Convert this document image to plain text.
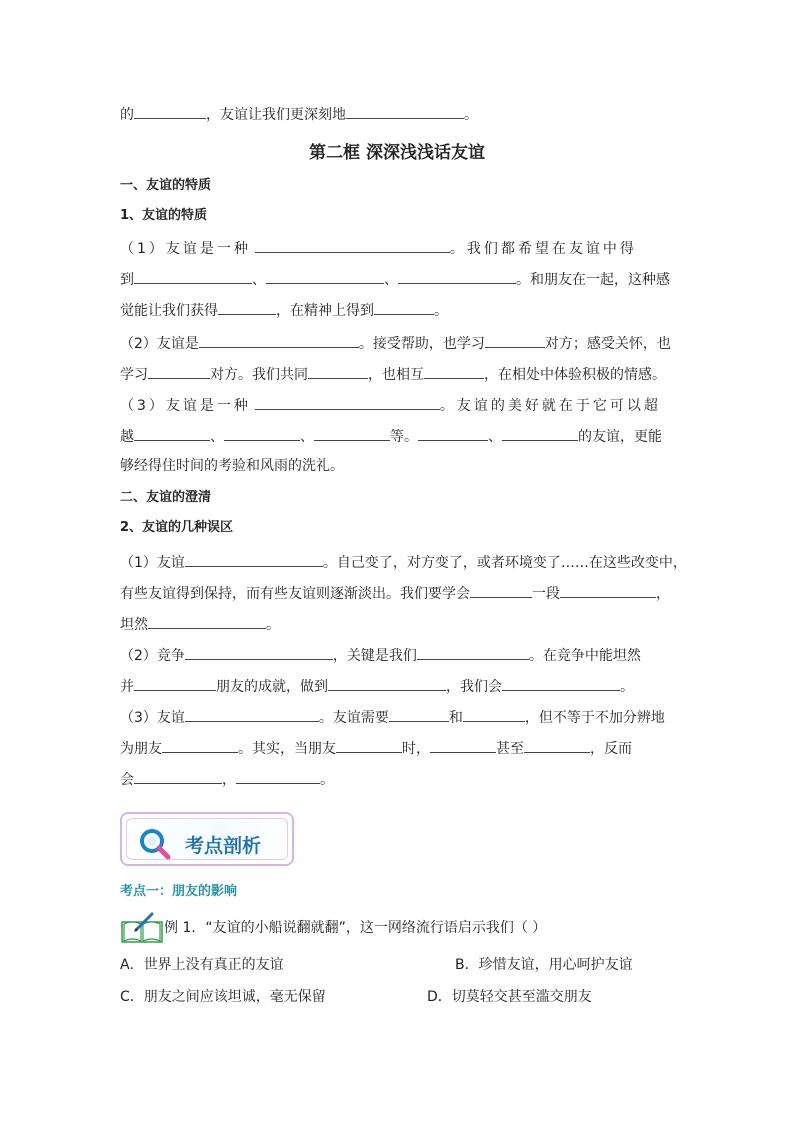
的	，友谊让我们更深刻地	。
第二框 深深浅浅话友谊
一、友谊的特质
1、友谊的特质
（1）友谊是一种	。我们都希望在友谊中得
到	、	、	。和朋友在一起，这种感
觉能让我们获得	，在精神上得到	。
（2）友谊是	。接受帮助，也学习	对方；感受关怀，也
学习	对方。我们共同	，也相互	，在相处中体验积极的情感。
（3）友谊是一种	。友谊的美好就在于它可以超
越	、	、	等。	、	的友谊，更能
够经得住时间的考验和风雨的洗礼。
二、友谊的澄清
2、友谊的几种误区
（1）友谊	。自己变了，对方变了，或者环境变了……在这些改变中，
有些友谊得到保持，而有些友谊则逐渐淡出。我们要学会	一段	，
坦然	。
（2）竞争	，关键是我们	。在竞争中能坦然
并	朋友的成就，做到	，我们会	。
（3）友谊	。友谊需要	和	，但不等于不加分辨地
为朋友	。其实，当朋友	时，	甚至	，反而
会	，	。
考点剖析
考点一：朋友的影响
例 1．“友谊的小船说翻就翻”，这一网络流行语启示我们（ ）
A．世界上没有真正的友谊	B．珍惜友谊，用心呵护友谊
C．朋友之间应该坦诚，毫无保留	D．切莫轻交甚至滥交朋友
